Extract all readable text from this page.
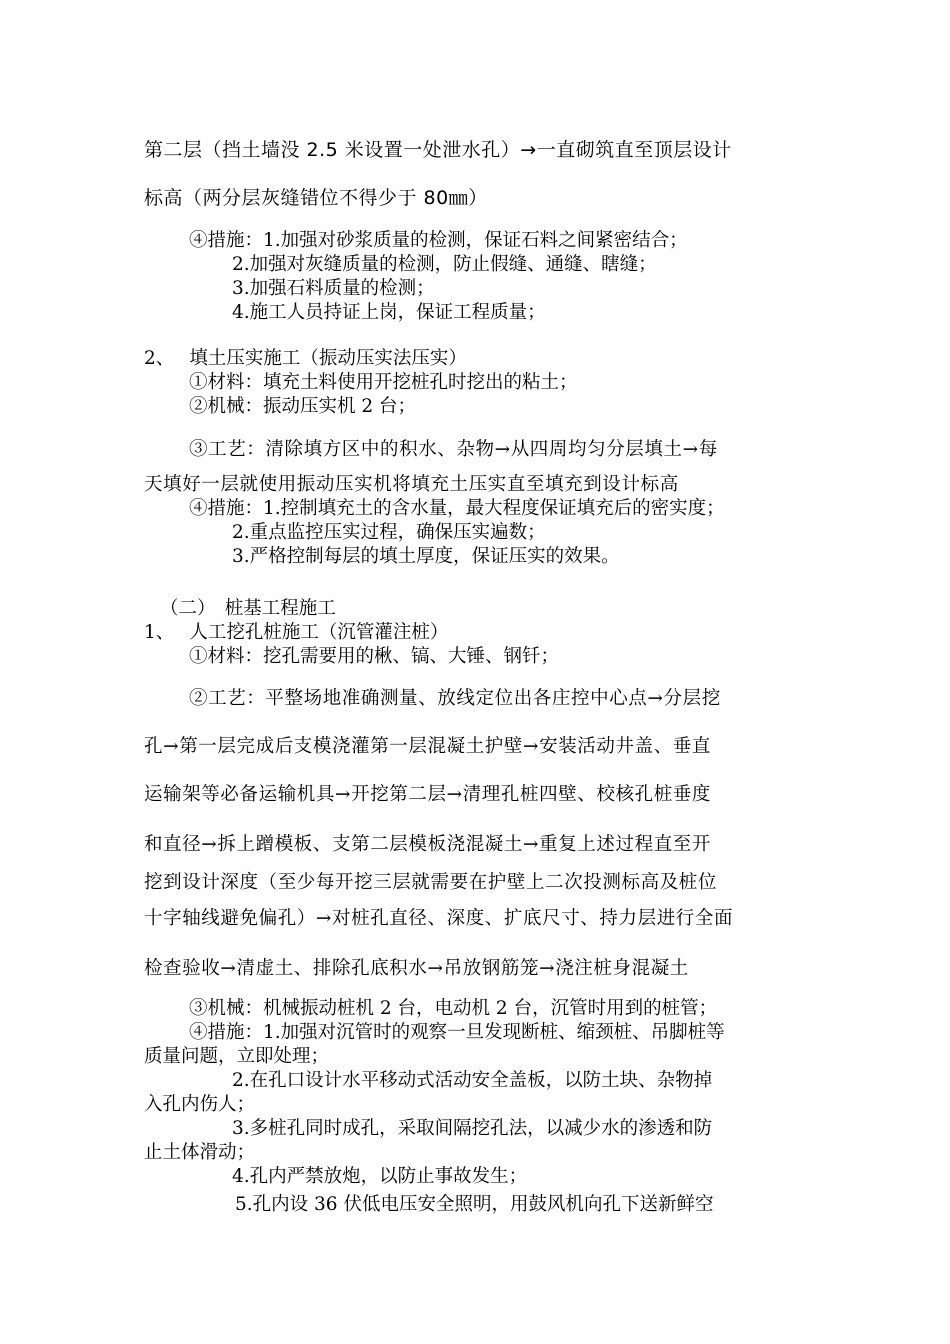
第二层（挡土墙没 2.5 米设置一处泄水孔）→一直砌筑直至顶层设计
标高（两分层灰缝错位不得少于 80㎜）
④措施：1.加强对砂浆质量的检测，保证石料之间紧密结合；
2.加强对灰缝质量的检测，防止假缝、通缝、瞎缝；
3.加强石料质量的检测；
4.施工人员持证上岗，保证工程质量；
2、　 填土压实施工（振动压实法压实）
①材料：填充土料使用开挖桩孔时挖出的粘土；
②机械：振动压实机 2 台；
③工艺：清除填方区中的积水、杂物→从四周均匀分层填土→每
天填好一层就使用振动压实机将填充土压实直至填充到设计标高
④措施：1.控制填充土的含水量，最大程度保证填充后的密实度；
2.重点监控压实过程，确保压实遍数；
3.严格控制每层的填土厚度，保证压实的效果。
（二）　桩基工程施工
1、　 人工挖孔桩施工（沉管灌注桩）
①材料：挖孔需要用的楸、镐、大锤、钢钎；
②工艺：平整场地准确测量、放线定位出各庄控中心点→分层挖
孔→第一层完成后支模浇灌第一层混凝土护壁→安装活动井盖、垂直
运输架等必备运输机具→开挖第二层→清理孔桩四壁、校核孔桩垂度
和直径→拆上蹭模板、支第二层模板浇混凝土→重复上述过程直至开
挖到设计深度（至少每开挖三层就需要在护壁上二次投测标高及桩位
十字轴线避免偏孔）→对桩孔直径、深度、扩底尺寸、持力层进行全面
检查验收→清虚土、排除孔底积水→吊放钢筋笼→浇注桩身混凝土
③机械：机械振动桩机 2 台，电动机 2 台，沉管时用到的桩管；
④措施：1.加强对沉管时的观察一旦发现断桩、缩颈桩、吊脚桩等
质量问题，立即处理；
2.在孔口设计水平移动式活动安全盖板，以防土块、杂物掉
入孔内伤人；
3.多桩孔同时成孔，采取间隔挖孔法，以减少水的渗透和防
止土体滑动；
4.孔内严禁放炮，以防止事故发生；
5.孔内设 36 伏低电压安全照明，用鼓风机向孔下送新鲜空
